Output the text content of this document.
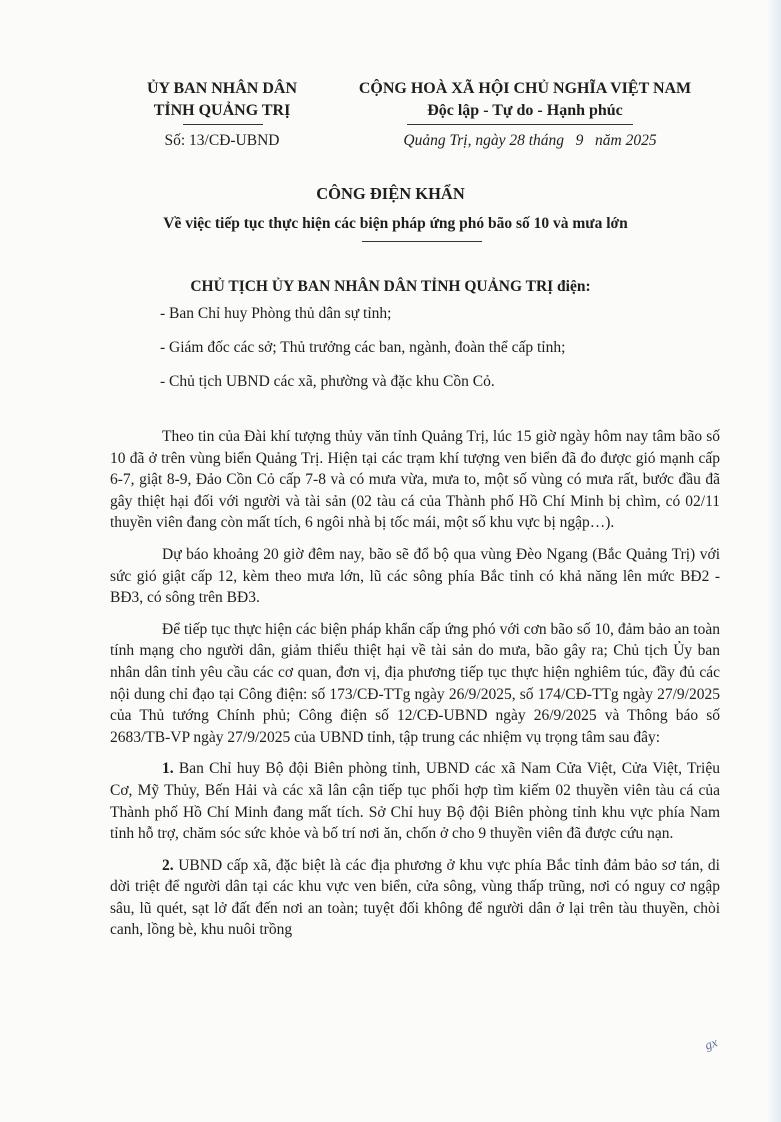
ỦY BAN NHÂN DÂN
TỈNH QUẢNG TRỊ
Số: 13/CĐ-UBND
CỘNG HOÀ XÃ HỘI CHỦ NGHĨA VIỆT NAM
Độc lập - Tự do - Hạnh phúc
Quảng Trị, ngày 28 tháng   9   năm 2025
CÔNG ĐIỆN KHẨN
Về việc tiếp tục thực hiện các biện pháp ứng phó bão số 10 và mưa lớn
CHỦ TỊCH ỦY BAN NHÂN DÂN TỈNH QUẢNG TRỊ điện:
- Ban Chỉ huy Phòng thủ dân sự tỉnh;
- Giám đốc các sở; Thủ trưởng các ban, ngành, đoàn thể cấp tỉnh;
- Chủ tịch UBND các xã, phường và đặc khu Cồn Cỏ.

Theo tin của Đài khí tượng thủy văn tỉnh Quảng Trị, lúc 15 giờ ngày hôm nay tâm bão số 10 đã ở trên vùng biển Quảng Trị. Hiện tại các trạm khí tượng ven biển đã đo được gió mạnh cấp 6-7, giật 8-9, Đảo Cồn Cỏ cấp 7-8 và có mưa vừa, mưa to, một số vùng có mưa rất, bước đầu đã gây thiệt hại đối với người và tài sản (02 tàu cá của Thành phố Hồ Chí Minh bị chìm, có 02/11 thuyền viên đang còn mất tích, 6 ngôi nhà bị tốc mái, một số khu vực bị ngập…).

Dự báo khoảng 20 giờ đêm nay, bão sẽ đổ bộ qua vùng Đèo Ngang (Bắc Quảng Trị) với sức gió giật cấp 12, kèm theo mưa lớn, lũ các sông phía Bắc tỉnh có khả năng lên mức BĐ2 - BĐ3, có sông trên BĐ3.

Để tiếp tục thực hiện các biện pháp khẩn cấp ứng phó với cơn bão số 10, đảm bảo an toàn tính mạng cho người dân, giảm thiểu thiệt hại về tài sản do mưa, bão gây ra; Chủ tịch Ủy ban nhân dân tỉnh yêu cầu các cơ quan, đơn vị, địa phương tiếp tục thực hiện nghiêm túc, đầy đủ các nội dung chỉ đạo tại Công điện: số 173/CĐ-TTg ngày 26/9/2025, số 174/CĐ-TTg ngày 27/9/2025 của Thủ tướng Chính phủ; Công điện số 12/CĐ-UBND ngày 26/9/2025 và Thông báo số 2683/TB-VP ngày 27/9/2025 của UBND tỉnh, tập trung các nhiệm vụ trọng tâm sau đây:

1. Ban Chỉ huy Bộ đội Biên phòng tỉnh, UBND các xã Nam Cửa Việt, Cửa Việt, Triệu Cơ, Mỹ Thủy, Bến Hải và các xã lân cận tiếp tục phối hợp tìm kiếm 02 thuyền viên tàu cá của Thành phố Hồ Chí Minh đang mất tích. Sở Chỉ huy Bộ đội Biên phòng tỉnh khu vực phía Nam tỉnh hỗ trợ, chăm sóc sức khỏe và bố trí nơi ăn, chốn ở cho 9 thuyền viên đã được cứu nạn.

2. UBND cấp xã, đặc biệt là các địa phương ở khu vực phía Bắc tỉnh đảm bảo sơ tán, di dời triệt để người dân tại các khu vực ven biển, cửa sông, vùng thấp trũng, nơi có nguy cơ ngập sâu, lũ quét, sạt lở đất đến nơi an toàn; tuyệt đối không để người dân ở lại trên tàu thuyền, chòi canh, lồng bè, khu nuôi trồng

gx
